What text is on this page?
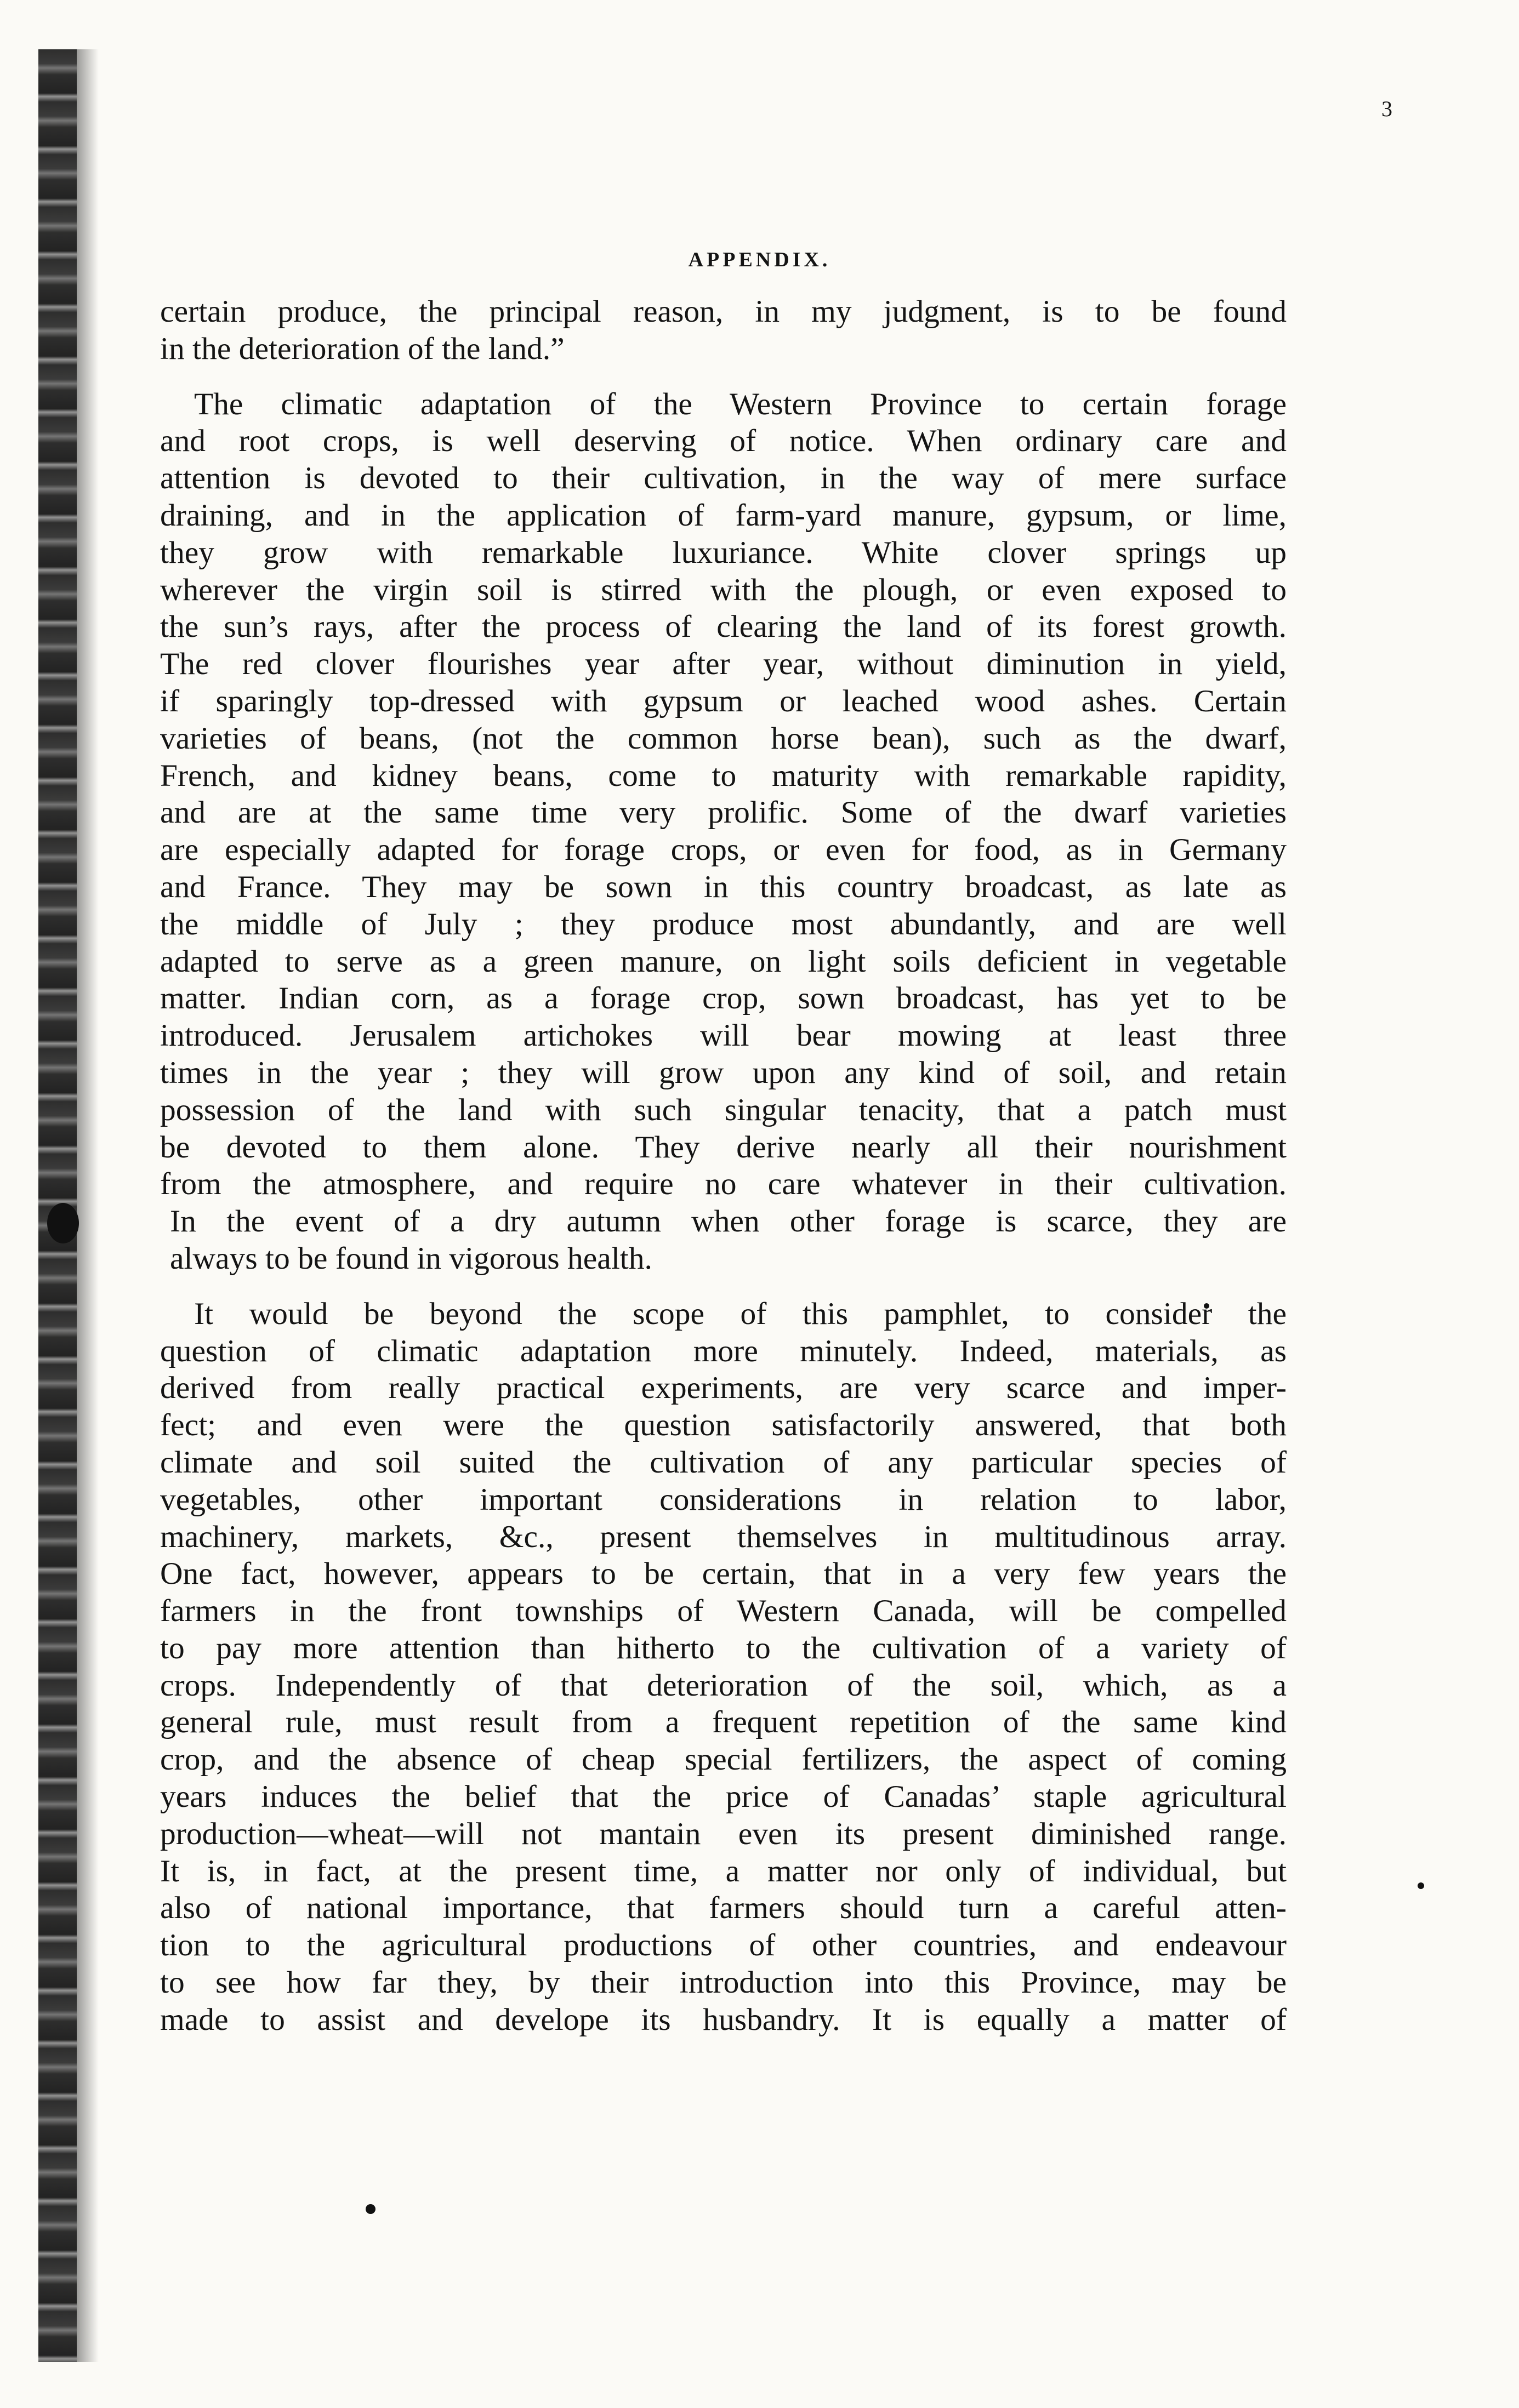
3
APPENDIX.

certain produce, the principal reason, in my judgment, is to be found
in the deterioration of the land.”

The climatic adaptation of the Western Province to certain forage
and root crops, is well deserving of notice. When ordinary care and
attention is devoted to their cultivation, in the way of mere surface
draining, and in the application of farm-yard manure, gypsum, or lime,
they grow with remarkable luxuriance. White clover springs up
wherever the virgin soil is stirred with the plough, or even exposed to
the sun’s rays, after the process of clearing the land of its forest growth.
The red clover flourishes year after year, without diminution in yield,
if sparingly top-dressed with gypsum or leached wood ashes. Certain
varieties of beans, (not the common horse bean), such as the dwarf,
French, and kidney beans, come to maturity with remarkable rapidity,
and are at the same time very prolific. Some of the dwarf varieties
are especially adapted for forage crops, or even for food, as in Germany
and France. They may be sown in this country broadcast, as late as
the middle of July ; they produce most abundantly, and are well
adapted to serve as a green manure, on light soils deficient in vegetable
matter. Indian corn, as a forage crop, sown broadcast, has yet to be
introduced. Jerusalem artichokes will bear mowing at least three
times in the year ; they will grow upon any kind of soil, and retain
possession of the land with such singular tenacity, that a patch must
be devoted to them alone. They derive nearly all their nourishment
from the atmosphere, and require no care whatever in their cultivation.
In the event of a dry autumn when other forage is scarce, they are
always to be found in vigorous health.

It would be beyond the scope of this pamphlet, to consider the
question of climatic adaptation more minutely. Indeed, materials, as
derived from really practical experiments, are very scarce and imper-
fect; and even were the question satisfactorily answered, that both
climate and soil suited the cultivation of any particular species of
vegetables, other important considerations in relation to labor,
machinery, markets, &c., present themselves in multitudinous array.
One fact, however, appears to be certain, that in a very few years the
farmers in the front townships of Western Canada, will be compelled
to pay more attention than hitherto to the cultivation of a variety of
crops. Independently of that deterioration of the soil, which, as a
general rule, must result from a frequent repetition of the same kind
crop, and the absence of cheap special fertilizers, the aspect of coming
years induces the belief that the price of Canadas’ staple agricultural
production—wheat—will not mantain even its present diminished range.
It is, in fact, at the present time, a matter nor only of individual, but
also of national importance, that farmers should turn a careful atten-
tion to the agricultural productions of other countries, and endeavour
to see how far they, by their introduction into this Province, may be
made to assist and develope its husbandry. It is equally a matter of
